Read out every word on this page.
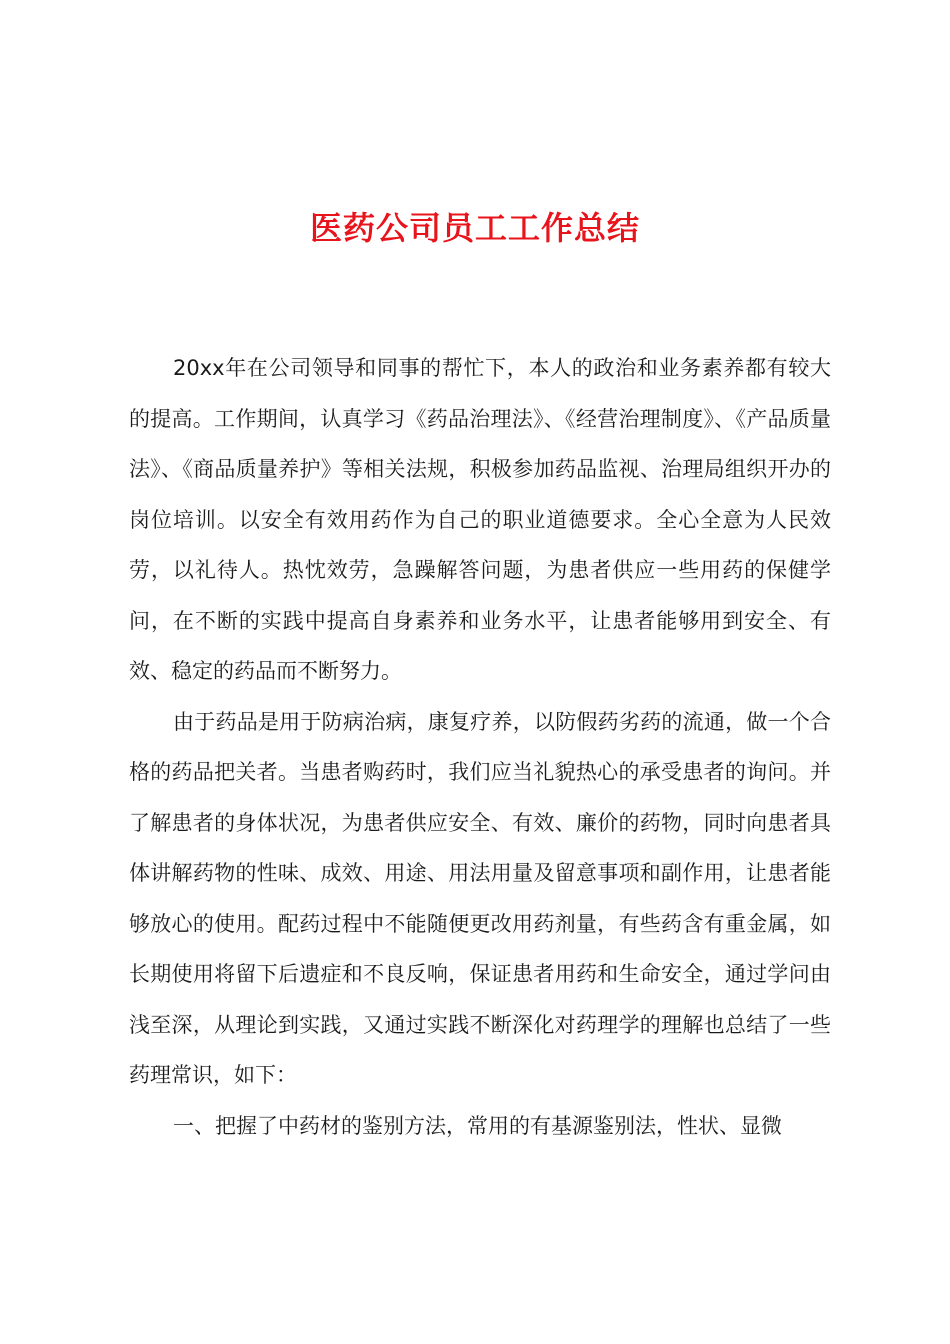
医药公司员工工作总结

20xx年在公司领导和同事的帮忙下，本人的政治和业务素养都有较大的提高。工作期间，认真学习《药品治理法》、《经营治理制度》、《产品质量法》、《商品质量养护》等相关法规，积极参加药品监视、治理局组织开办的岗位培训。以安全有效用药作为自己的职业道德要求。全心全意为人民效劳，以礼待人。热忱效劳，急躁解答问题，为患者供应一些用药的保健学问，在不断的实践中提高自身素养和业务水平，让患者能够用到安全、有效、稳定的药品而不断努力。

由于药品是用于防病治病，康复疗养，以防假药劣药的流通，做一个合格的药品把关者。当患者购药时，我们应当礼貌热心的承受患者的询问。并了解患者的身体状况，为患者供应安全、有效、廉价的药物，同时向患者具体讲解药物的性味、成效、用途、用法用量及留意事项和副作用，让患者能够放心的使用。配药过程中不能随便更改用药剂量，有些药含有重金属，如长期使用将留下后遗症和不良反响，保证患者用药和生命安全，通过学问由浅至深，从理论到实践，又通过实践不断深化对药理学的理解也总结了一些药理常识，如下：

一、把握了中药材的鉴别方法，常用的有基源鉴别法，性状、显微
